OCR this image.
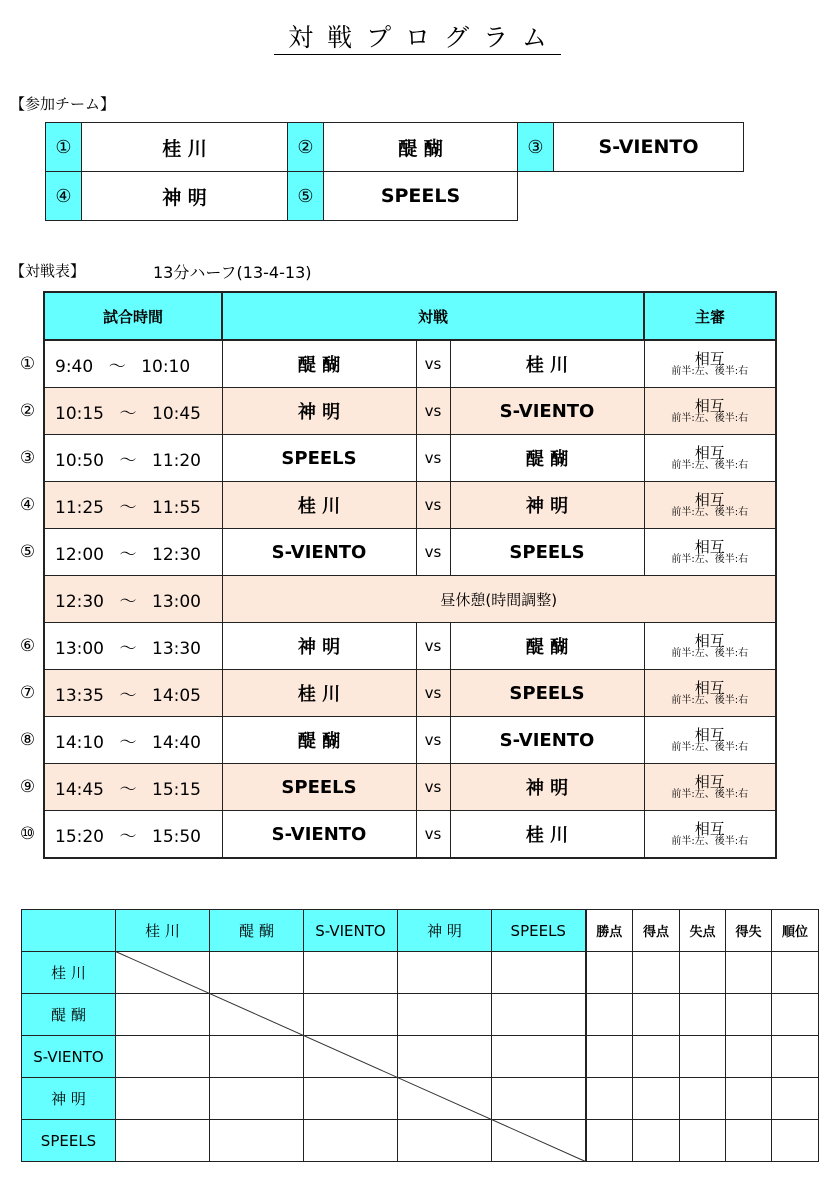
対戦プログラム
【参加チーム】
①	桂 川	②	醍 醐	③	S-VIENTO
④	神 明	⑤	SPEELS		
【対戦表】	13分ハーフ(13-4-13)
	試合時間	対戦			主審
①	9:40 ～ 10:10	醍 醐	vs	桂 川	相互
前半:左、後半:右

②	10:15 ～ 10:45	神 明	vs	S-VIENTO	相互
前半:左、後半:右

③	10:50 ～ 11:20	SPEELS	vs	醍 醐	相互
前半:左、後半:右

④	11:25 ～ 11:55	桂 川	vs	神 明	相互
前半:左、後半:右

⑤	12:00 ～ 12:30	S-VIENTO	vs	SPEELS	相互
前半:左、後半:右

	12:30 ～ 13:00	昼休憩(時間調整)			
⑥	13:00 ～ 13:30	神 明	vs	醍 醐	相互
前半:左、後半:右

⑦	13:35 ～ 14:05	桂 川	vs	SPEELS	相互
前半:左、後半:右

⑧	14:10 ～ 14:40	醍 醐	vs	S-VIENTO	相互
前半:左、後半:右

⑨	14:45 ～ 15:15	SPEELS	vs	神 明	相互
前半:左、後半:右

⑩	15:20 ～ 15:50	S-VIENTO	vs	桂 川	相互
前半:左、後半:右
	桂 川	醍 醐	S-VIENTO	神 明	SPEELS	勝点	得点	失点	得失	順位
桂 川										
醍 醐										
S-VIENTO										
神 明										
SPEELS										
